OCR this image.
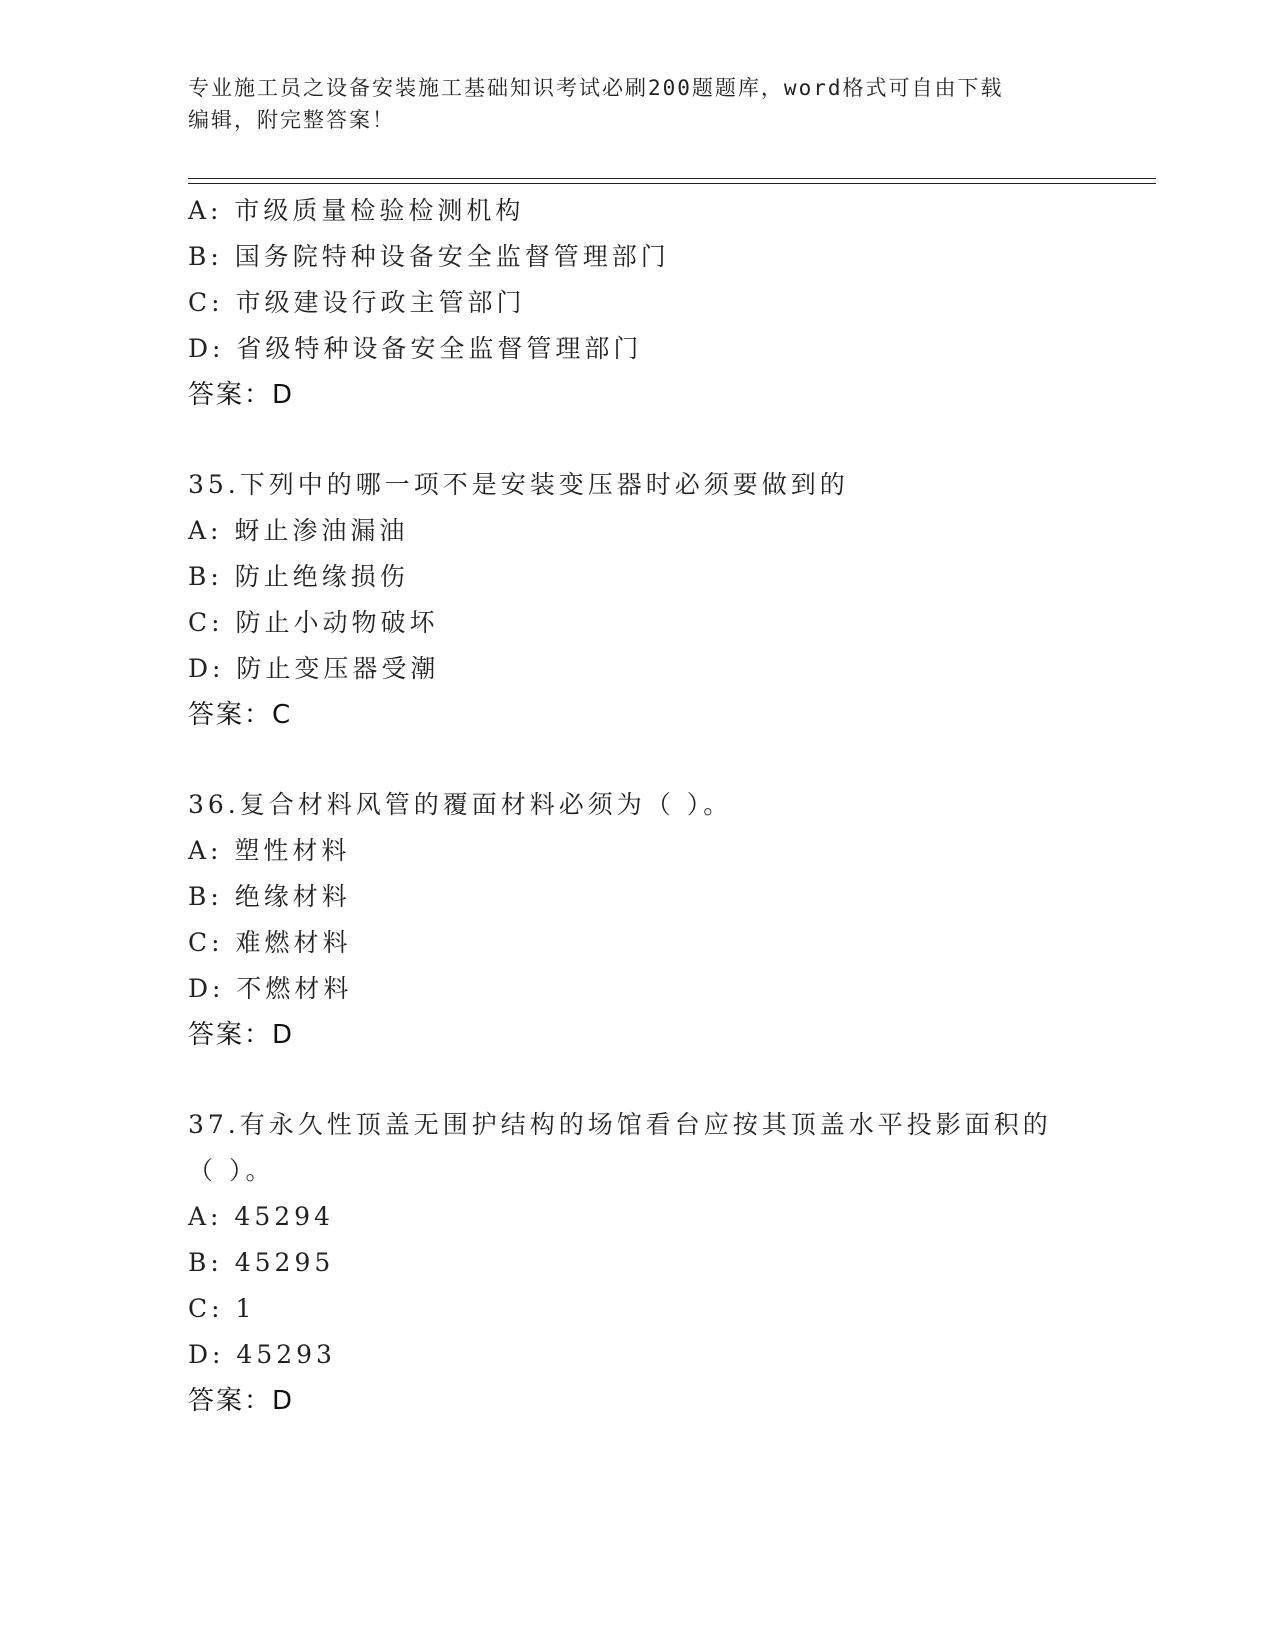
专业施工员之设备安装施工基础知识考试必刷200题题库，word格式可自由下载
编辑，附完整答案！
A: 市级质量检验检测机构
B: 国务院特种设备安全监督管理部门
C: 市级建设行政主管部门
D: 省级特种设备安全监督管理部门
答案：D
35.下列中的哪一项不是安装变压器时必须要做到的
A: 蚜止渗油漏油
B: 防止绝缘损伤
C: 防止小动物破坏
D: 防止变压器受潮
答案：C
36.复合材料风管的覆面材料必须为（ ）。
A: 塑性材料
B: 绝缘材料
C: 难燃材料
D: 不燃材料
答案：D
37.有永久性顶盖无围护结构的场馆看台应按其顶盖水平投影面积的（ ）。
A: 45294
B: 45295
C: 1
D: 45293
答案：D
